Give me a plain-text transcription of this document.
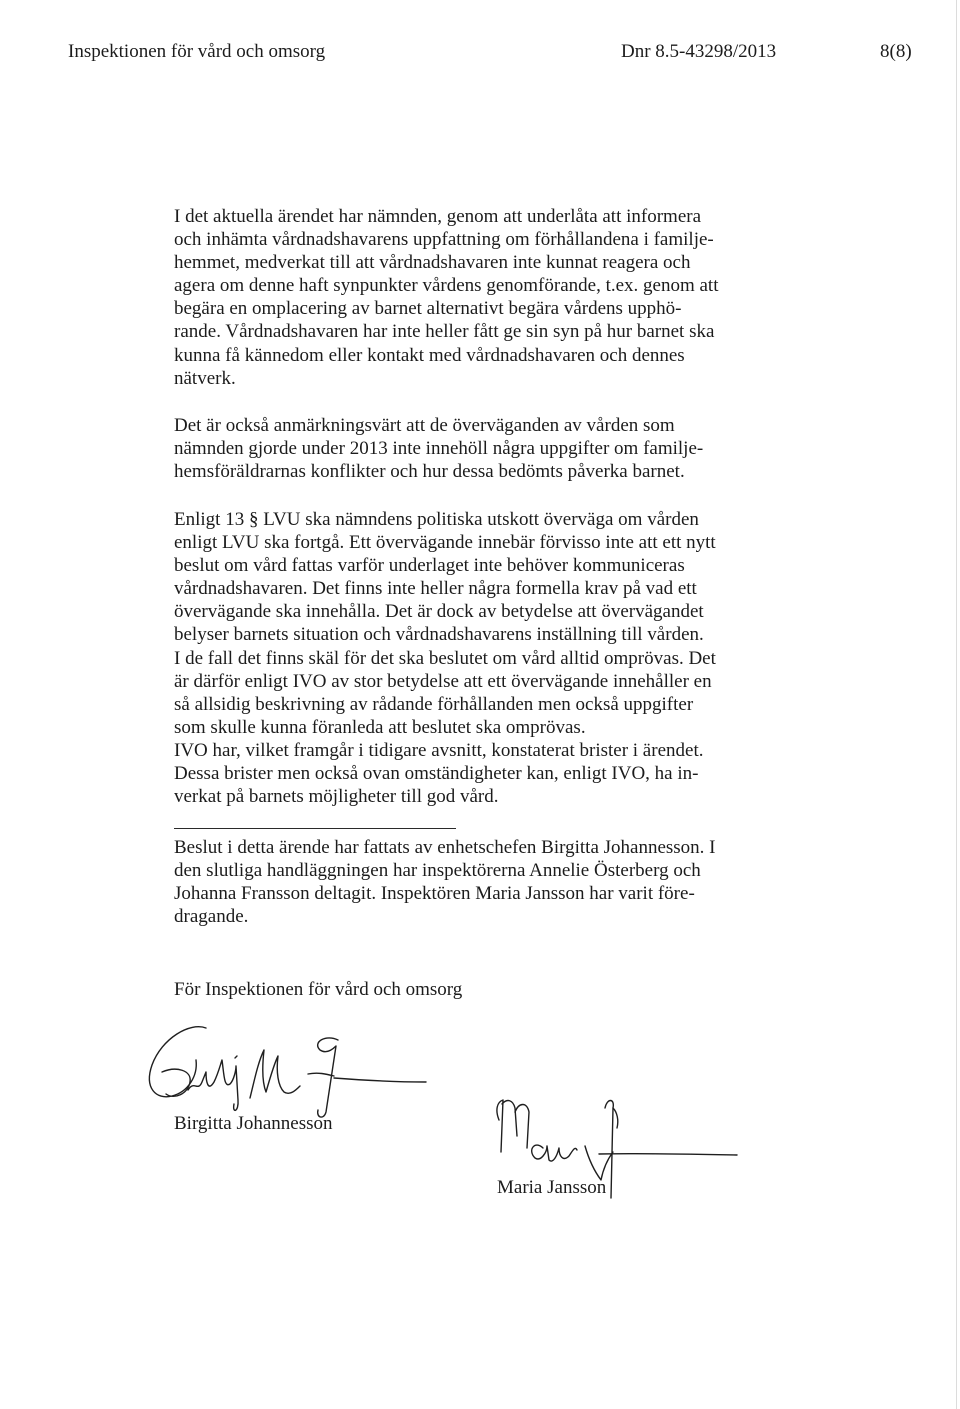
Inspektionen för vård och omsorg	Dnr 8.5-43298/2013	8(8)
I det aktuella ärendet har nämnden, genom att underlåta att informera
och inhämta vårdnadshavarens uppfattning om förhållandena i familje-
hemmet, medverkat till att vårdnadshavaren inte kunnat reagera och
agera om denne haft synpunkter vårdens genomförande, t.ex. genom att
begära en omplacering av barnet alternativt begära vårdens upphö-
rande. Vårdnadshavaren har inte heller fått ge sin syn på hur barnet ska
kunna få kännedom eller kontakt med vårdnadshavaren och dennes
nätverk.
Det är också anmärkningsvärt att de överväganden av vården som
nämnden gjorde under 2013 inte innehöll några uppgifter om familje-
hemsföräldrarnas konflikter och hur dessa bedömts påverka barnet.
Enligt 13 § LVU ska nämndens politiska utskott överväga om vården
enligt LVU ska fortgå. Ett övervägande innebär förvisso inte att ett nytt
beslut om vård fattas varför underlaget inte behöver kommuniceras
vårdnadshavaren. Det finns inte heller några formella krav på vad ett
övervägande ska innehålla. Det är dock av betydelse att övervägandet
belyser barnets situation och vårdnadshavarens inställning till vården.
I de fall det finns skäl för det ska beslutet om vård alltid omprövas. Det
är därför enligt IVO av stor betydelse att ett övervägande innehåller en
så allsidig beskrivning av rådande förhållanden men också uppgifter
som skulle kunna föranleda att beslutet ska omprövas.
IVO har, vilket framgår i tidigare avsnitt, konstaterat brister i ärendet.
Dessa brister men också ovan omständigheter kan, enligt IVO, ha in-
verkat på barnets möjligheter till god vård.
Beslut i detta ärende har fattats av enhetschefen Birgitta Johannesson. I
den slutliga handläggningen har inspektörerna Annelie Österberg och
Johanna Fransson deltagit. Inspektören Maria Jansson har varit före-
dragande.
För Inspektionen för vård och omsorg
Birgitta Johannesson
Maria Jansson
